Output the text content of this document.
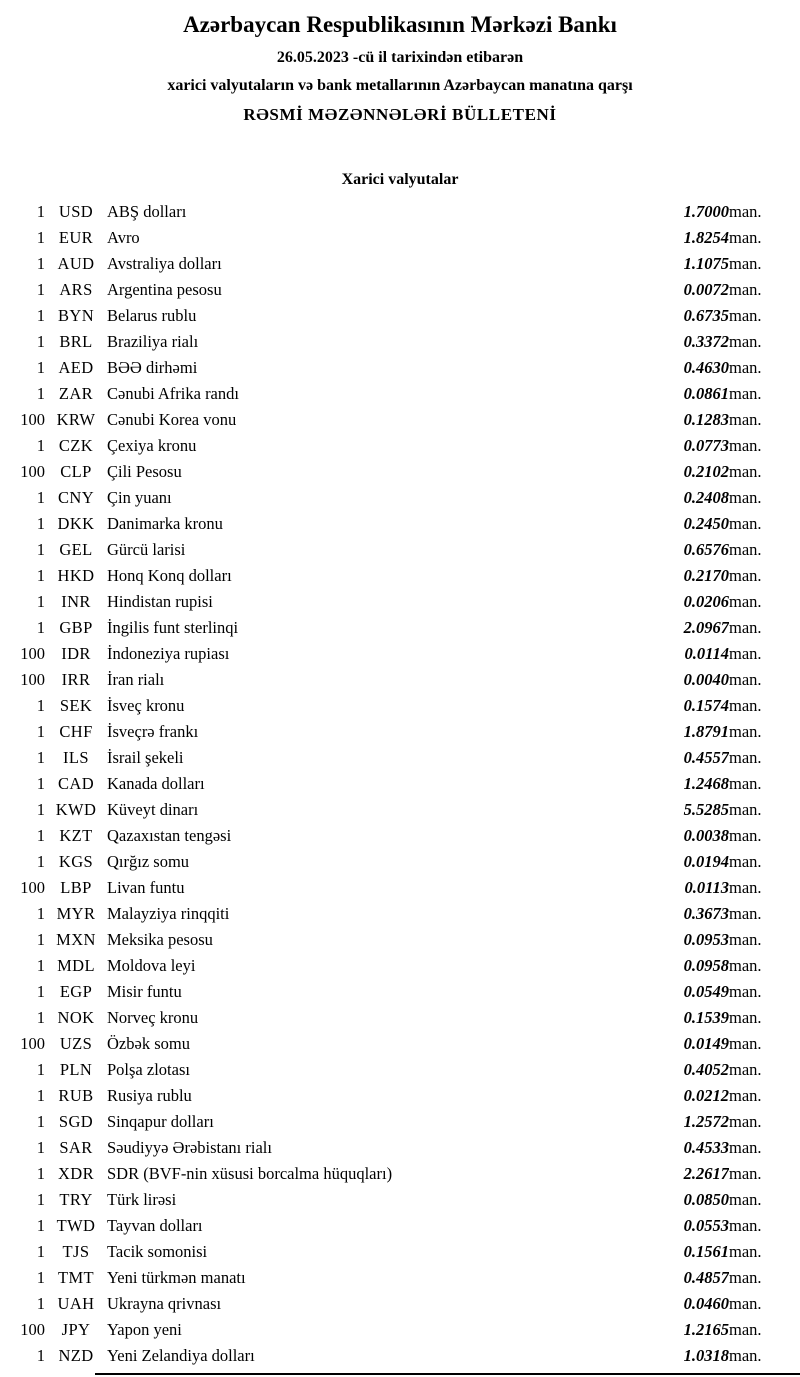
Azərbaycan Respublikasının Mərkəzi Bankı
26.05.2023 -cü il tarixindən etibarən
xarici valyutaların və bank metallarının Azərbaycan manatına qarşı
RƏSMİ MƏZƏNNƏLƏRİ BÜLLETENİ
Xarici valyutalar
1	USD	ABŞ dolları	1.7000	man.
1	EUR	Avro	1.8254	man.
1	AUD	Avstraliya dolları	1.1075	man.
1	ARS	Argentina pesosu	0.0072	man.
1	BYN	Belarus rublu	0.6735	man.
1	BRL	Braziliya rialı	0.3372	man.
1	AED	BƏƏ dirhəmi	0.4630	man.
1	ZAR	Cənubi Afrika randı	0.0861	man.
100	KRW	Cənubi Korea vonu	0.1283	man.
1	CZK	Çexiya kronu	0.0773	man.
100	CLP	Çili Pesosu	0.2102	man.
1	CNY	Çin yuanı	0.2408	man.
1	DKK	Danimarka kronu	0.2450	man.
1	GEL	Gürcü larisi	0.6576	man.
1	HKD	Honq Konq dolları	0.2170	man.
1	INR	Hindistan rupisi	0.0206	man.
1	GBP	İngilis funt sterlinqi	2.0967	man.
100	IDR	İndoneziya rupiası	0.0114	man.
100	IRR	İran rialı	0.0040	man.
1	SEK	İsveç kronu	0.1574	man.
1	CHF	İsveçrə frankı	1.8791	man.
1	ILS	İsrail şekeli	0.4557	man.
1	CAD	Kanada dolları	1.2468	man.
1	KWD	Küveyt dinarı	5.5285	man.
1	KZT	Qazaxıstan tengəsi	0.0038	man.
1	KGS	Qırğız somu	0.0194	man.
100	LBP	Livan funtu	0.0113	man.
1	MYR	Malayziya rinqqiti	0.3673	man.
1	MXN	Meksika pesosu	0.0953	man.
1	MDL	Moldova leyi	0.0958	man.
1	EGP	Misir funtu	0.0549	man.
1	NOK	Norveç kronu	0.1539	man.
100	UZS	Özbək somu	0.0149	man.
1	PLN	Polşa zlotası	0.4052	man.
1	RUB	Rusiya rublu	0.0212	man.
1	SGD	Sinqapur dolları	1.2572	man.
1	SAR	Səudiyyə Ərəbistanı rialı	0.4533	man.
1	XDR	SDR (BVF-nin xüsusi borcalma hüquqları)	2.2617	man.
1	TRY	Türk lirəsi	0.0850	man.
1	TWD	Tayvan dolları	0.0553	man.
1	TJS	Tacik somonisi	0.1561	man.
1	TMT	Yeni türkmən manatı	0.4857	man.
1	UAH	Ukrayna qrivnası	0.0460	man.
100	JPY	Yapon yeni	1.2165	man.
1	NZD	Yeni Zelandiya dolları	1.0318	man.
